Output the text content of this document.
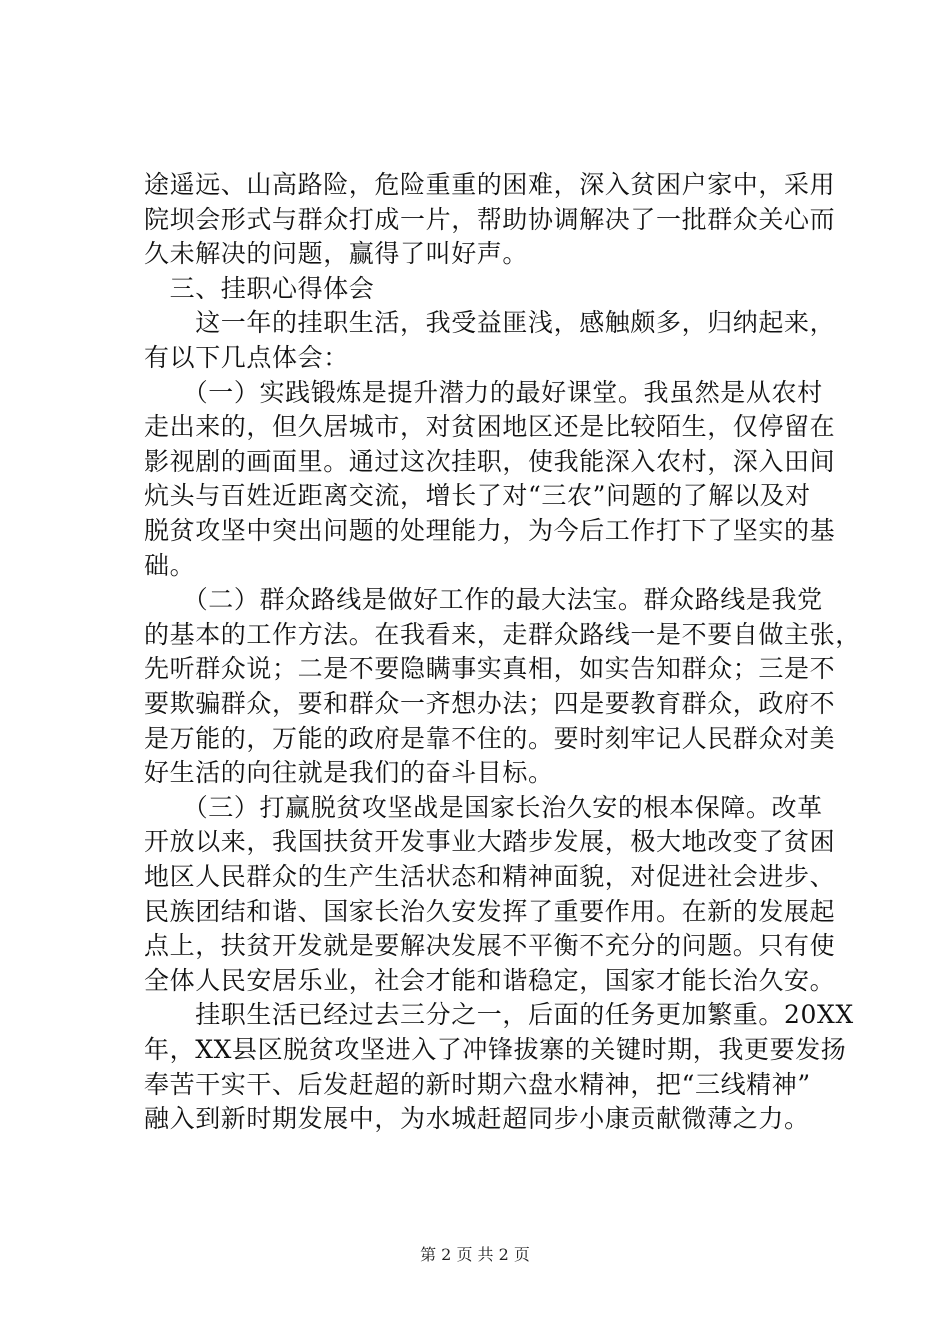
途遥远、山高路险，危险重重的困难，深入贫困户家中，采用
院坝会形式与群众打成一片，帮助协调解决了一批群众关心而
久未解决的问题，赢得了叫好声。
　三、挂职心得体会
　　这一年的挂职生活，我受益匪浅，感触颇多，归纳起来，
有以下几点体会：
　　（一）实践锻炼是提升潜力的最好课堂。我虽然是从农村
走出来的，但久居城市，对贫困地区还是比较陌生，仅停留在
影视剧的画面里。通过这次挂职，使我能深入农村，深入田间
炕头与百姓近距离交流，增长了对“三农”问题的了解以及对
脱贫攻坚中突出问题的处理能力，为今后工作打下了坚实的基
础。
　　（二）群众路线是做好工作的最大法宝。群众路线是我党
的基本的工作方法。在我看来，走群众路线一是不要自做主张，
先听群众说；二是不要隐瞒事实真相，如实告知群众；三是不
要欺骗群众，要和群众一齐想办法；四是要教育群众，政府不
是万能的，万能的政府是靠不住的。要时刻牢记人民群众对美
好生活的向往就是我们的奋斗目标。
　　（三）打赢脱贫攻坚战是国家长治久安的根本保障。改革
开放以来，我国扶贫开发事业大踏步发展，极大地改变了贫困
地区人民群众的生产生活状态和精神面貌，对促进社会进步、
民族团结和谐、国家长治久安发挥了重要作用。在新的发展起
点上，扶贫开发就是要解决发展不平衡不充分的问题。只有使
全体人民安居乐业，社会才能和谐稳定，国家才能长治久安。
　　挂职生活已经过去三分之一，后面的任务更加繁重。20XX
年，XX县区脱贫攻坚进入了冲锋拔寨的关键时期，我更要发扬
奉苦干实干、后发赶超的新时期六盘水精神，把“三线精神”
融入到新时期发展中，为水城赶超同步小康贡献微薄之力。
第 2 页 共 2 页
